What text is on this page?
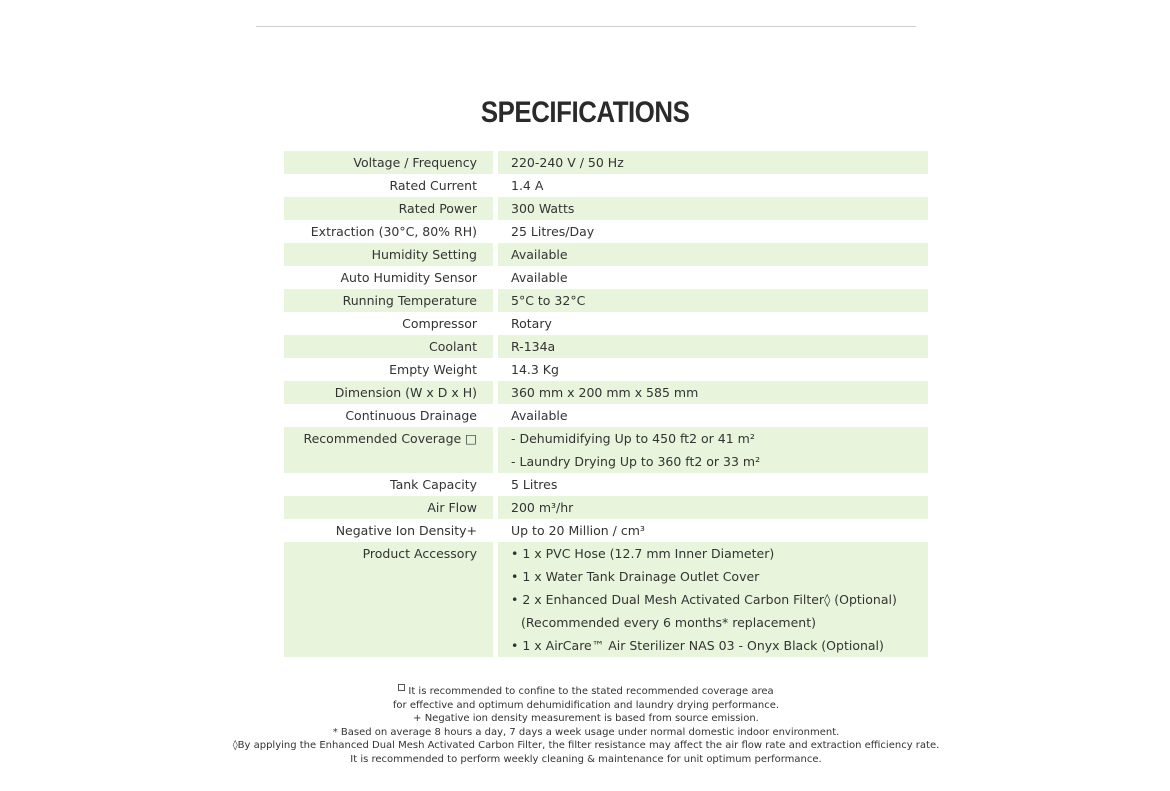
SPECIFICATIONS
Voltage / Frequency	220-240 V / 50 Hz
Rated Current	1.4 A
Rated Power	300 Watts
Extraction (30°C, 80% RH)	25 Litres/Day
Humidity Setting	Available
Auto Humidity Sensor	Available
Running Temperature	5°C to 32°C
Compressor	Rotary
Coolant	R-134a
Empty Weight	14.3 Kg
Dimension (W x D x H)	360 mm x 200 mm x 585 mm
Continuous Drainage	Available
Recommended Coverage □	- Dehumidifying Up to 450 ft2 or 41 m²
- Laundry Drying Up to 360 ft2 or 33 m²
Tank Capacity	5 Litres
Air Flow	200 m³/hr
Negative Ion Density+	Up to 20 Million / cm³
Product Accessory	• 1 x PVC Hose (12.7 mm Inner Diameter)
• 1 x Water Tank Drainage Outlet Cover
• 2 x Enhanced Dual Mesh Activated Carbon Filter◊ (Optional)
(Recommended every 6 months* replacement)
• 1 x AirCare™ Air Sterilizer NAS 03 - Onyx Black (Optional)
It is recommended to confine to the stated recommended coverage area
for effective and optimum dehumidification and laundry drying performance.
+ Negative ion density measurement is based from source emission.
* Based on average 8 hours a day, 7 days a week usage under normal domestic indoor environment.
◊By applying the Enhanced Dual Mesh Activated Carbon Filter, the filter resistance may affect the air flow rate and extraction efficiency rate.
It is recommended to perform weekly cleaning & maintenance for unit optimum performance.
